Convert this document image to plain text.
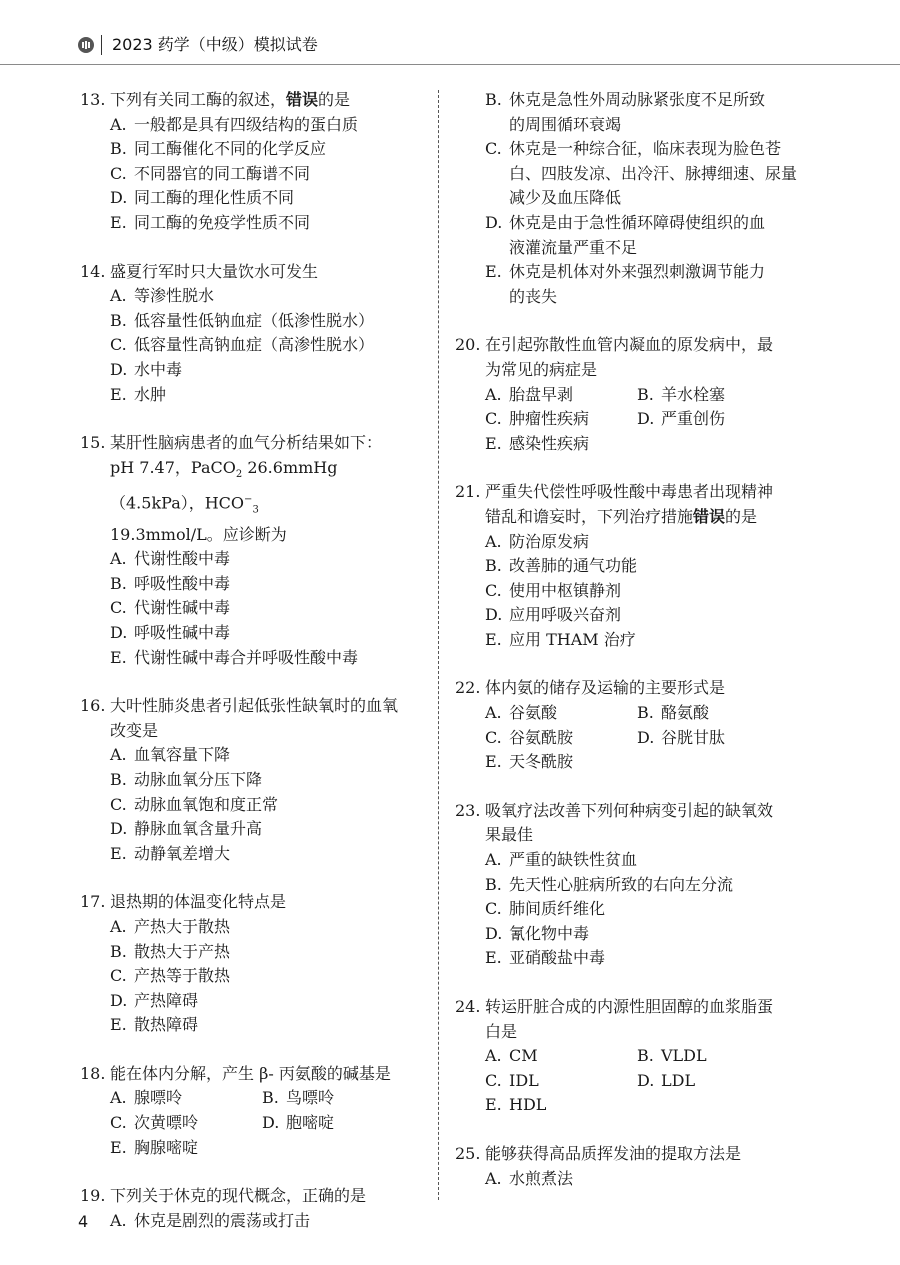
2023 药学（中级）模拟试卷
13. 下列有关同工酶的叙述，错误的是
A. 一般都是具有四级结构的蛋白质
B. 同工酶催化不同的化学反应
C. 不同器官的同工酶谱不同
D. 同工酶的理化性质不同
E. 同工酶的免疫学性质不同
14. 盛夏行军时只大量饮水可发生
A. 等渗性脱水
B. 低容量性低钠血症（低渗性脱水）
C. 低容量性高钠血症（高渗性脱水）
D. 水中毒
E. 水肿
15. 某肝性脑病患者的血气分析结果如下：
pH 7.47，PaCO$_2$ 26.6mmHg（4.5kPa），$HCO^-_3$
19.3mmol/L。应诊断为
A. 代谢性酸中毒
B. 呼吸性酸中毒
C. 代谢性碱中毒
D. 呼吸性碱中毒
E. 代谢性碱中毒合并呼吸性酸中毒
16. 大叶性肺炎患者引起低张性缺氧时的血氧
改变是
A. 血氧容量下降
B. 动脉血氧分压下降
C. 动脉血氧饱和度正常
D. 静脉血氧含量升高
E. 动静氧差增大
17. 退热期的体温变化特点是
A. 产热大于散热
B. 散热大于产热
C. 产热等于散热
D. 产热障碍
E. 散热障碍
18. 能在体内分解，产生 β- 丙氨酸的碱基是
A. 腺嘌呤	B. 鸟嘌呤
C. 次黄嘌呤	D. 胞嘧啶
E. 胸腺嘧啶
19. 下列关于休克的现代概念，正确的是
A. 休克是剧烈的震荡或打击
B. 休克是急性外周动脉紧张度不足所致
的周围循环衰竭
C. 休克是一种综合征，临床表现为脸色苍
白、四肢发凉、出冷汗、脉搏细速、尿量
减少及血压降低
D. 休克是由于急性循环障碍使组织的血
液灌流量严重不足
E. 休克是机体对外来强烈刺激调节能力
的丧失
20. 在引起弥散性血管内凝血的原发病中，最
为常见的病症是
A. 胎盘早剥	B. 羊水栓塞
C. 肿瘤性疾病	D. 严重创伤
E. 感染性疾病
21. 严重失代偿性呼吸性酸中毒患者出现精神
错乱和谵妄时，下列治疗措施错误的是
A. 防治原发病
B. 改善肺的通气功能
C. 使用中枢镇静剂
D. 应用呼吸兴奋剂
E. 应用 THAM 治疗
22. 体内氨的储存及运输的主要形式是
A. 谷氨酸	B. 酪氨酸
C. 谷氨酰胺	D. 谷胱甘肽
E. 天冬酰胺
23. 吸氧疗法改善下列何种病变引起的缺氧效
果最佳
A. 严重的缺铁性贫血
B. 先天性心脏病所致的右向左分流
C. 肺间质纤维化
D. 氰化物中毒
E. 亚硝酸盐中毒
24. 转运肝脏合成的内源性胆固醇的血浆脂蛋
白是
A. CM	B. VLDL
C. IDL	D. LDL
E. HDL
25. 能够获得高品质挥发油的提取方法是
A. 水煎煮法
4
